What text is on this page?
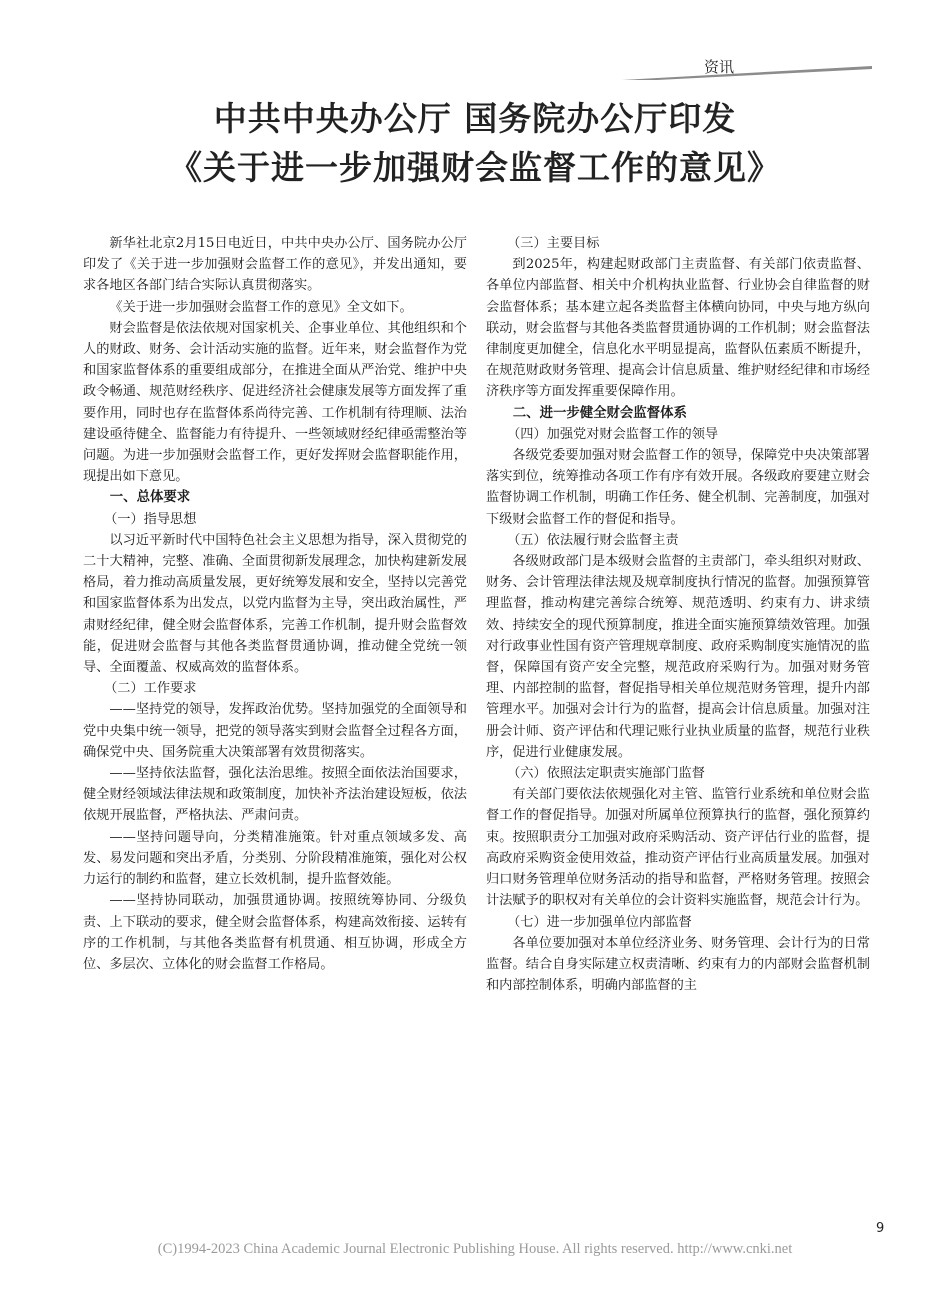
资讯
中共中央办公厅 国务院办公厅印发
《关于进一步加强财会监督工作的意见》

新华社北京2月15日电近日，中共中央办公厅、国务院办公厅印发了《关于进一步加强财会监督工作的意见》，并发出通知，要求各地区各部门结合实际认真贯彻落实。

《关于进一步加强财会监督工作的意见》全文如下。

财会监督是依法依规对国家机关、企事业单位、其他组织和个人的财政、财务、会计活动实施的监督。近年来，财会监督作为党和国家监督体系的重要组成部分，在推进全面从严治党、维护中央政令畅通、规范财经秩序、促进经济社会健康发展等方面发挥了重要作用，同时也存在监督体系尚待完善、工作机制有待理顺、法治建设亟待健全、监督能力有待提升、一些领域财经纪律亟需整治等问题。为进一步加强财会监督工作，更好发挥财会监督职能作用，现提出如下意见。

一、总体要求
（一）指导思想

以习近平新时代中国特色社会主义思想为指导，深入贯彻党的二十大精神，完整、准确、全面贯彻新发展理念，加快构建新发展格局，着力推动高质量发展，更好统筹发展和安全，坚持以完善党和国家监督体系为出发点，以党内监督为主导，突出政治属性，严肃财经纪律，健全财会监督体系，完善工作机制，提升财会监督效能，促进财会监督与其他各类监督贯通协调，推动健全党统一领导、全面覆盖、权威高效的监督体系。

（二）工作要求

——坚持党的领导，发挥政治优势。坚持加强党的全面领导和党中央集中统一领导，把党的领导落实到财会监督全过程各方面，确保党中央、国务院重大决策部署有效贯彻落实。

——坚持依法监督，强化法治思维。按照全面依法治国要求，健全财经领域法律法规和政策制度，加快补齐法治建设短板，依法依规开展监督，严格执法、严肃问责。

——坚持问题导向，分类精准施策。针对重点领域多发、高发、易发问题和突出矛盾，分类别、分阶段精准施策，强化对公权力运行的制约和监督，建立长效机制，提升监督效能。

——坚持协同联动，加强贯通协调。按照统筹协同、分级负责、上下联动的要求，健全财会监督体系，构建高效衔接、运转有序的工作机制，与其他各类监督有机贯通、相互协调，形成全方位、多层次、立体化的财会监督工作格局。

（三）主要目标

到2025年，构建起财政部门主责监督、有关部门依责监督、各单位内部监督、相关中介机构执业监督、行业协会自律监督的财会监督体系；基本建立起各类监督主体横向协同，中央与地方纵向联动，财会监督与其他各类监督贯通协调的工作机制；财会监督法律制度更加健全，信息化水平明显提高，监督队伍素质不断提升，在规范财政财务管理、提高会计信息质量、维护财经纪律和市场经济秩序等方面发挥重要保障作用。

二、进一步健全财会监督体系
（四）加强党对财会监督工作的领导

各级党委要加强对财会监督工作的领导，保障党中央决策部署落实到位，统筹推动各项工作有序有效开展。各级政府要建立财会监督协调工作机制，明确工作任务、健全机制、完善制度，加强对下级财会监督工作的督促和指导。

（五）依法履行财会监督主责

各级财政部门是本级财会监督的主责部门，牵头组织对财政、财务、会计管理法律法规及规章制度执行情况的监督。加强预算管理监督，推动构建完善综合统筹、规范透明、约束有力、讲求绩效、持续安全的现代预算制度，推进全面实施预算绩效管理。加强对行政事业性国有资产管理规章制度、政府采购制度实施情况的监督，保障国有资产安全完整，规范政府采购行为。加强对财务管理、内部控制的监督，督促指导相关单位规范财务管理，提升内部管理水平。加强对会计行为的监督，提高会计信息质量。加强对注册会计师、资产评估和代理记账行业执业质量的监督，规范行业秩序，促进行业健康发展。

（六）依照法定职责实施部门监督

有关部门要依法依规强化对主管、监管行业系统和单位财会监督工作的督促指导。加强对所属单位预算执行的监督，强化预算约束。按照职责分工加强对政府采购活动、资产评估行业的监督，提高政府采购资金使用效益，推动资产评估行业高质量发展。加强对归口财务管理单位财务活动的指导和监督，严格财务管理。按照会计法赋予的职权对有关单位的会计资料实施监督，规范会计行为。

（七）进一步加强单位内部监督

各单位要加强对本单位经济业务、财务管理、会计行为的日常监督。结合自身实际建立权责清晰、约束有力的内部财会监督机制和内部控制体系，明确内部监督的主

9
(C)1994-2023 China Academic Journal Electronic Publishing House. All rights reserved. http://www.cnki.net
